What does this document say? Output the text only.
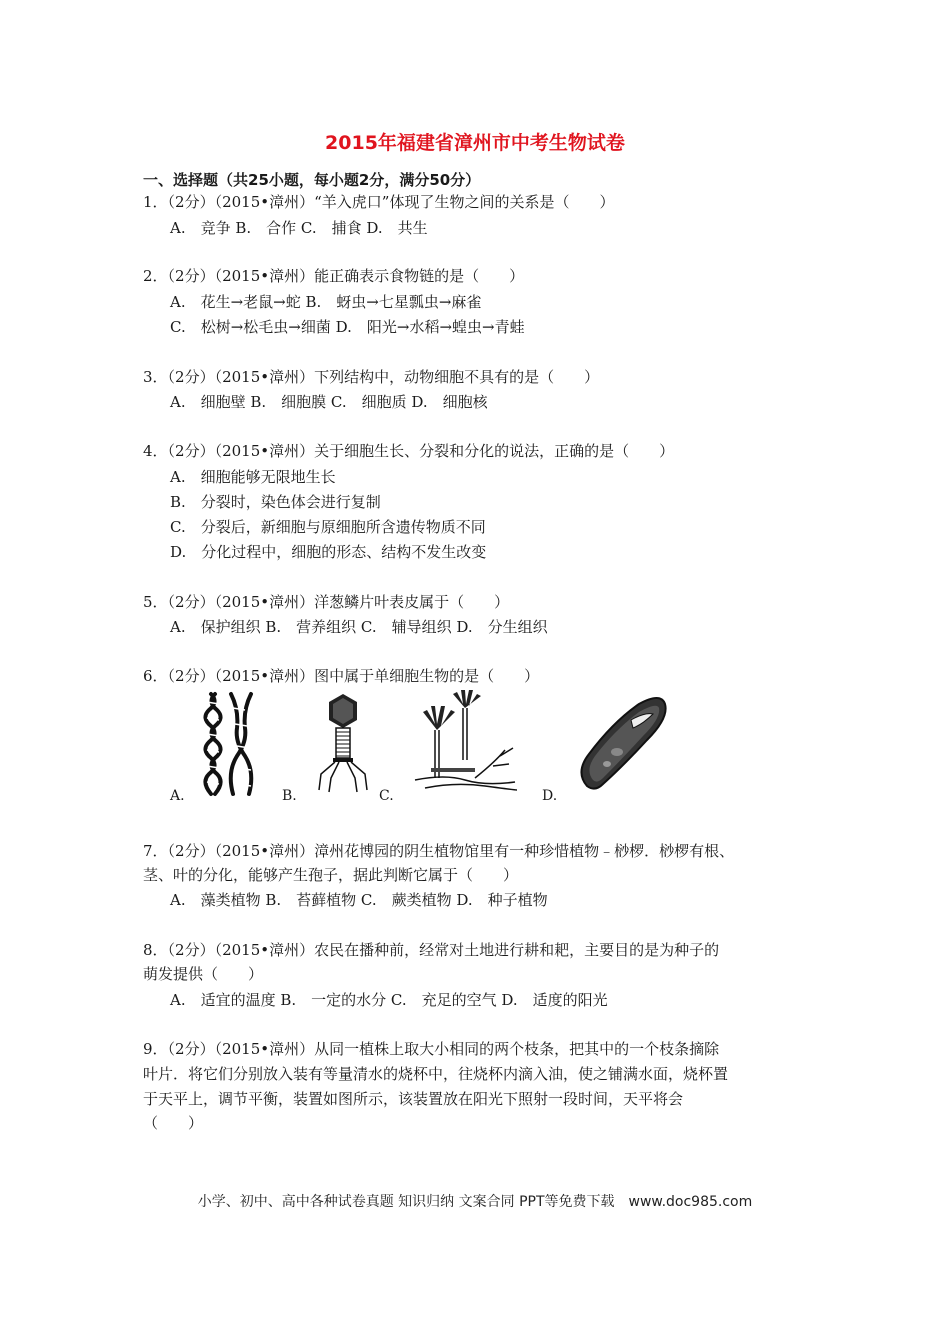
2015年福建省漳州市中考生物试卷
一、选择题（共25小题，每小题2分，满分50分）
1．（2分）（2015•漳州）“羊入虎口”体现了生物之间的关系是（　　）
A.　竞争 B.　合作 C.　捕食 D.　共生
2．（2分）（2015•漳州）能正确表示食物链的是（　　）
A.　花生→老鼠→蛇 B.　蚜虫→七星瓢虫→麻雀
C.　松树→松毛虫→细菌 D.　阳光→水稻→蝗虫→青蛙
3．（2分）（2015•漳州）下列结构中，动物细胞不具有的是（　　）
A.　细胞壁 B.　细胞膜 C.　细胞质 D.　细胞核
4．（2分）（2015•漳州）关于细胞生长、分裂和分化的说法，正确的是（　　）
A.　细胞能够无限地生长
B.　分裂时，染色体会进行复制
C.　分裂后，新细胞与原细胞所含遗传物质不同
D.　分化过程中，细胞的形态、结构不发生改变
5．（2分）（2015•漳州）洋葱鳞片叶表皮属于（　　）
A.　保护组织 B.　营养组织 C.　辅导组织 D.　分生组织
6．（2分）（2015•漳州）图中属于单细胞生物的是（　　）
A.	B.	C.	D.
7．（2分）（2015•漳州）漳州花博园的阴生植物馆里有一种珍惜植物﹣桫椤．桫椤有根、
茎、叶的分化，能够产生孢子，据此判断它属于（　　）
A.　藻类植物 B.　苔藓植物 C.　蕨类植物 D.　种子植物
8．（2分）（2015•漳州）农民在播种前，经常对土地进行耕和耙，主要目的是为种子的
萌发提供（　　）
A.　适宜的温度 B.　一定的水分 C.　充足的空气 D.　适度的阳光
9．（2分）（2015•漳州）从同一植株上取大小相同的两个枝条，把其中的一个枝条摘除
叶片．将它们分别放入装有等量清水的烧杯中，往烧杯内滴入油，使之铺满水面，烧杯置
于天平上，调节平衡，装置如图所示，该装置放在阳光下照射一段时间，天平将会
（　　）
小学、初中、高中各种试卷真题 知识归纳 文案合同 PPT等免费下载　www.doc985.com
